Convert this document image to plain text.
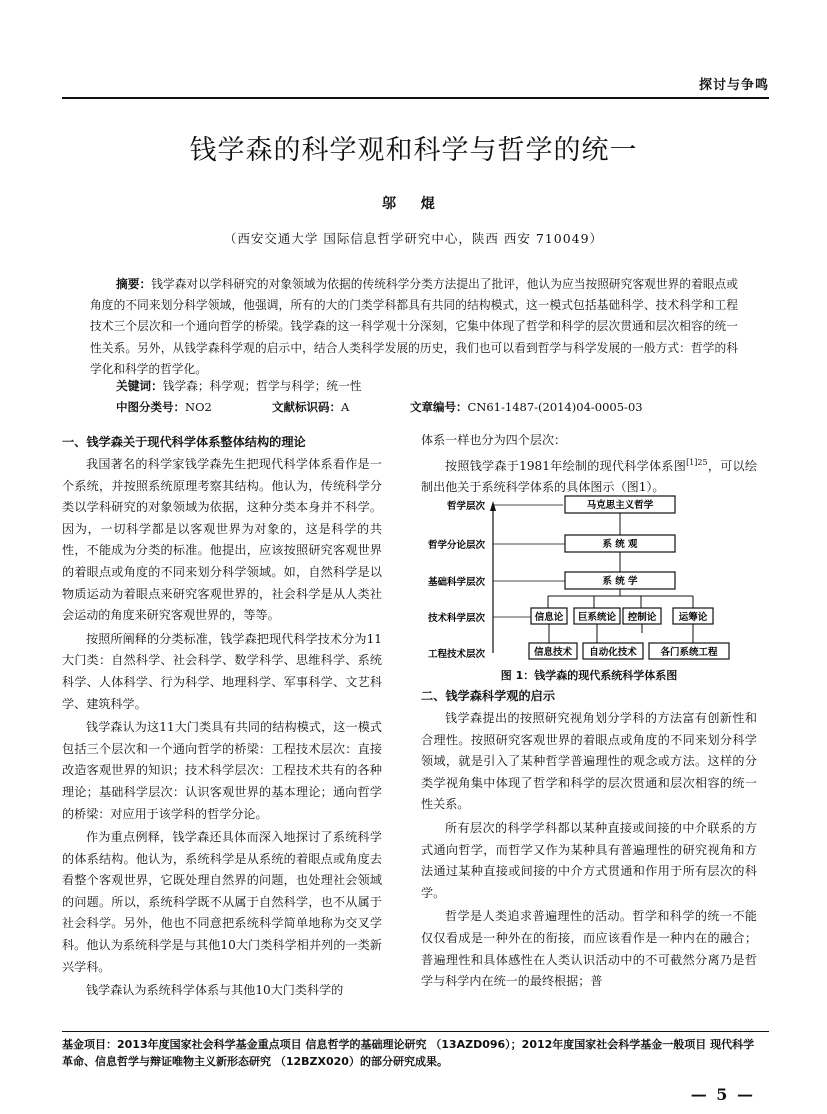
探讨与争鸣
钱学森的科学观和科学与哲学的统一
邬 焜
（西安交通大学 国际信息哲学研究中心，陕西 西安 710049）
摘要：钱学森对以学科研究的对象领域为依据的传统科学分类方法提出了批评，他认为应当按照研究客观世界的着眼点或角度的不同来划分科学领域，他强调，所有的大的门类学科都具有共同的结构模式，这一模式包括基础科学、技术科学和工程技术三个层次和一个通向哲学的桥梁。钱学森的这一科学观十分深刻，它集中体现了哲学和科学的层次贯通和层次相容的统一性关系。另外，从钱学森科学观的启示中，结合人类科学发展的历史，我们也可以看到哲学与科学发展的一般方式：哲学的科学化和科学的哲学化。
关键词：钱学森；科学观；哲学与科学；统一性
中图分类号：NO2	文献标识码：A	文章编号：CN61-1487-(2014)04-0005-03
一、钱学森关于现代科学体系整体结构的理论

我国著名的科学家钱学森先生把现代科学体系看作是一个系统，并按照系统原理考察其结构。他认为，传统科学分类以学科研究的对象领域为依据，这种分类本身并不科学。因为，一切科学都是以客观世界为对象的，这是科学的共性，不能成为分类的标准。他提出，应该按照研究客观世界的着眼点或角度的不同来划分科学领域。如，自然科学是以物质运动为着眼点来研究客观世界的，社会科学是从人类社会运动的角度来研究客观世界的，等等。

按照所阐释的分类标准，钱学森把现代科学技术分为11大门类：自然科学、社会科学、数学科学、思维科学、系统科学、人体科学、行为科学、地理科学、军事科学、文艺科学、建筑科学。

钱学森认为这11大门类具有共同的结构模式，这一模式包括三个层次和一个通向哲学的桥梁：工程技术层次：直接改造客观世界的知识；技术科学层次：工程技术共有的各种理论；基础科学层次：认识客观世界的基本理论；通向哲学的桥梁：对应用于该学科的哲学分论。

作为重点例释，钱学森还具体而深入地探讨了系统科学的体系结构。他认为，系统科学是从系统的着眼点或角度去看整个客观世界，它既处理自然界的问题，也处理社会领域的问题。所以，系统科学既不从属于自然科学，也不从属于社会科学。另外，他也不同意把系统科学简单地称为交叉学科。他认为系统科学是与其他10大门类科学相并列的一类新兴学科。

钱学森认为系统科学体系与其他10大门类科学的

体系一样也分为四个层次：

按照钱学森于1981年绘制的现代科学体系图$^{[1]25}$，可以绘制出他关于系统科学体系的具体图示（图1）。

哲学层次
哲学分论层次
基础科学层次
技术科学层次
工程技术层次
马克思主义哲学
系 统 观
系 统 学
信息论 巨系统论 控制论 运筹论
信息技术 自动化技术 各门系统工程
图 1：钱学森的现代系统科学体系图
二、钱学森科学观的启示

钱学森提出的按照研究视角划分学科的方法富有创新性和合理性。按照研究客观世界的着眼点或角度的不同来划分科学领域，就是引入了某种哲学普遍理性的观念或方法。这样的分类学视角集中体现了哲学和科学的层次贯通和层次相容的统一性关系。

所有层次的科学学科都以某种直接或间接的中介联系的方式通向哲学，而哲学又作为某种具有普遍理性的研究视角和方法通过某种直接或间接的中介方式贯通和作用于所有层次的科学。

哲学是人类追求普遍理性的活动。哲学和科学的统一不能仅仅看成是一种外在的衔接，而应该看作是一种内在的融合；普遍理性和具体感性在人类认识活动中的不可截然分离乃是哲学与科学内在统一的最终根据；普

基金项目：2013年度国家社会科学基金重点项目 信息哲学的基础理论研究 （13AZD096）；2012年度国家社会科学基金一般项目 现代科学革命、信息哲学与辩证唯物主义新形态研究 （12BZX020）的部分研究成果。
— 5 —
